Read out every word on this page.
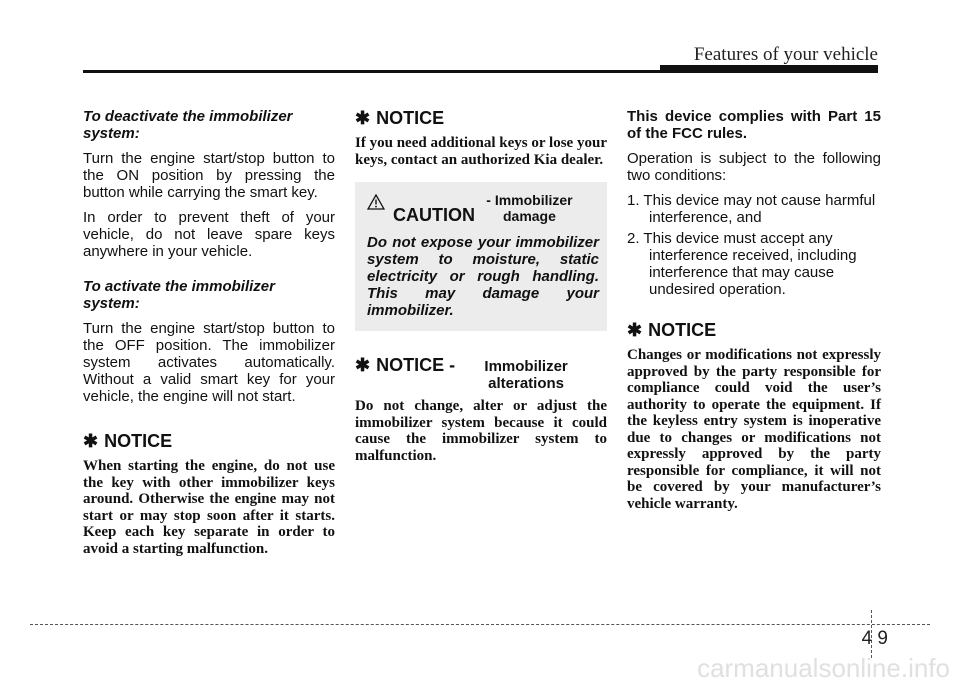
Features of your vehicle

To deactivate the immobilizer system:

Turn the engine start/stop button to the ON position by pressing the button while carrying the smart key.

In order to prevent theft of your vehicle, do not leave spare keys anywhere in your vehicle.

To activate the immobilizer system:

Turn the engine start/stop button to the OFF position. The immobilizer system activates automatically. Without a valid smart key for your vehicle, the engine will not start.

✱ NOTICE

When starting the engine, do not use the key with other immobilizer keys around. Otherwise the engine may not start or may stop soon after it starts. Keep each key separate in order to avoid a starting malfunction.

✱ NOTICE

If you need additional keys or lose your keys, contact an authorized Kia dealer.

CAUTION - Immobilizer damage
Do not expose your immobilizer system to moisture, static electricity or rough handling. This may damage your immobilizer.
✱ NOTICE -	Immobilizer alterations

Do not change, alter or adjust the immobilizer system because it could cause the immobilizer system to malfunction.

This device complies with Part 15 of the FCC rules.

Operation is subject to the following two conditions:

1. This device may not cause harmful interference, and
2. This device must accept any interference received, including interference that may cause undesired operation.
✱ NOTICE

Changes or modifications not expressly approved by the party responsible for compliance could void the user’s authority to operate the equipment. If the keyless entry system is inoperative due to changes or modifications not expressly approved by the party responsible for compliance, it will not be covered by your manufacturer’s vehicle warranty.

4 9
carmanualsonline.info
